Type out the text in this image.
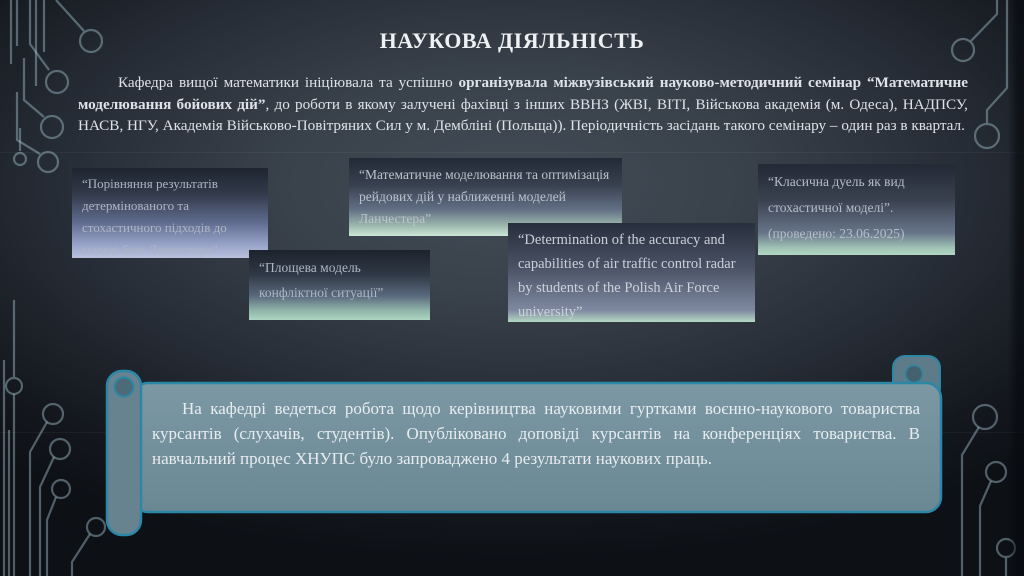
НАУКОВА ДІЯЛЬНІСТЬ

Кафедра вищої математики ініціювала та успішно організувала міжвузівський науково-методичний семінар “Математичне моделювання бойових дій”, до роботи в якому залучені фахівці з інших ВВНЗ (ЖВІ, ВІТІ, Військова академія (м. Одеса), НАДПСУ, НАСВ, НГУ, Академія Військово-Повітряних Сил у м. Дембліні (Польща)). Періодичність засідань такого семінару – один раз в квартал.

“Порівняння результатів детермінованого та стохастичного підходів до моделі бою Ланчестера”
“Математичне моделювання та оптимізація рейдових дій у наближенні моделей Ланчестера”
“Площева модель конфліктної ситуації”
“Determination of the accuracy and capabilities of air traffic control radar by students of the Polish Air Force university”
“Класична дуель як вид стохастичної моделі”. (проведено: 23.06.2025)

На кафедрі ведеться робота щодо керівництва науковими гуртками воєнно-наукового товариства курсантів (слухачів, студентів). Опубліковано доповіді курсантів на конференціях товариства. В навчальний процес ХНУПС було запроваджено 4 результати наукових праць.
